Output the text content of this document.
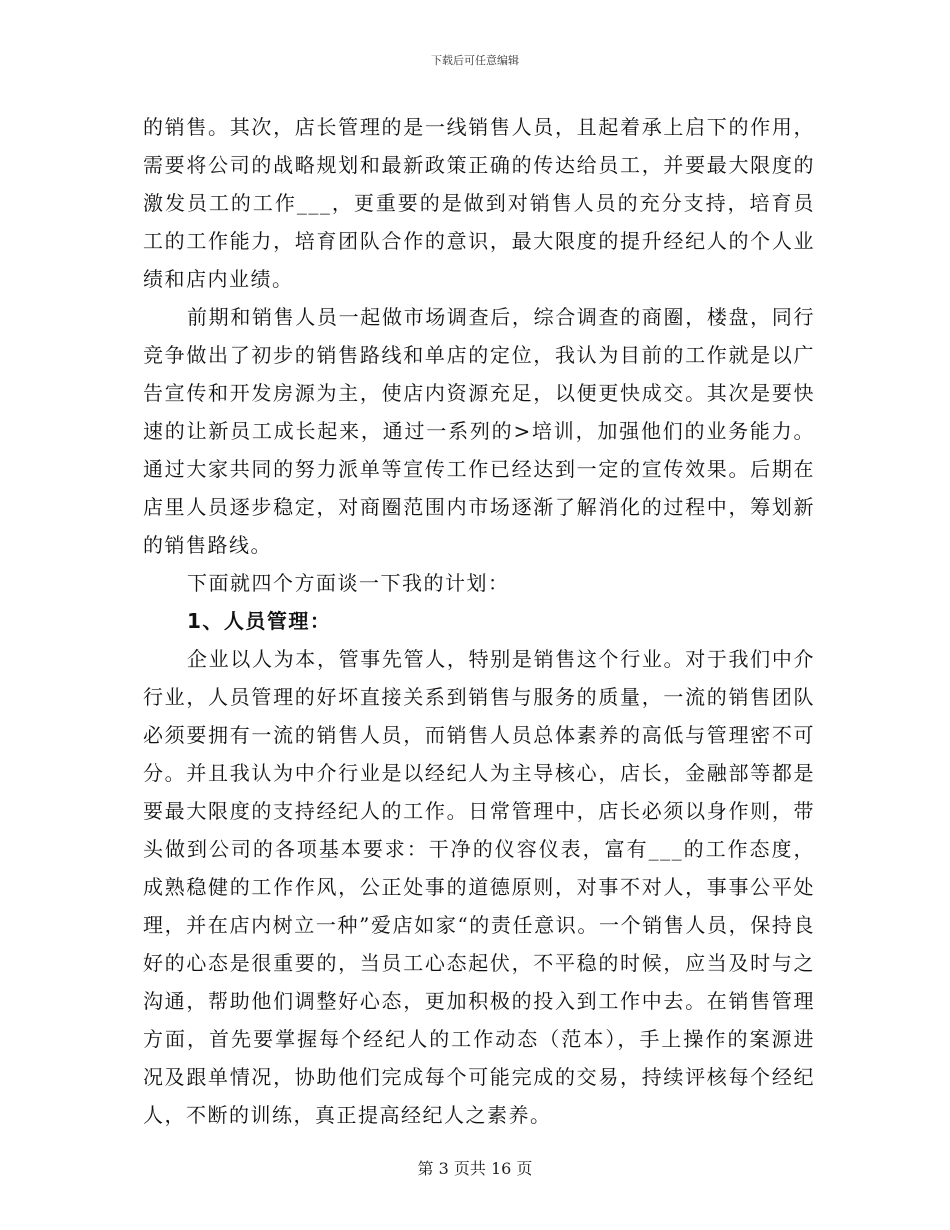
下载后可任意编辑

的销售。其次，店长管理的是一线销售人员，且起着承上启下的作用，需要将公司的战略规划和最新政策正确的传达给员工，并要最大限度的激发员工的工作___，更重要的是做到对销售人员的充分支持，培育员工的工作能力，培育团队合作的意识，最大限度的提升经纪人的个人业绩和店内业绩。

前期和销售人员一起做市场调查后，综合调查的商圈，楼盘，同行竞争做出了初步的销售路线和单店的定位，我认为目前的工作就是以广告宣传和开发房源为主，使店内资源充足，以便更快成交。其次是要快速的让新员工成长起来，通过一系列的>培训，加强他们的业务能力。通过大家共同的努力派单等宣传工作已经达到一定的宣传效果。后期在店里人员逐步稳定，对商圈范围内市场逐渐了解消化的过程中，筹划新的销售路线。

下面就四个方面谈一下我的计划：

1、人员管理：

企业以人为本，管事先管人，特别是销售这个行业。对于我们中介行业，人员管理的好坏直接关系到销售与服务的质量，一流的销售团队必须要拥有一流的销售人员，而销售人员总体素养的高低与管理密不可分。并且我认为中介行业是以经纪人为主导核心，店长，金融部等都是要最大限度的支持经纪人的工作。日常管理中，店长必须以身作则，带头做到公司的各项基本要求：干净的仪容仪表，富有___的工作态度，成熟稳健的工作作风，公正处事的道德原则，对事不对人，事事公平处理，并在店内树立一种”爱店如家“的责任意识。一个销售人员，保持良好的心态是很重要的，当员工心态起伏，不平稳的时候，应当及时与之沟通，帮助他们调整好心态，更加积极的投入到工作中去。在销售管理方面，首先要掌握每个经纪人的工作动态（范本），手上操作的案源进况及跟单情况，协助他们完成每个可能完成的交易，持续评核每个经纪人，不断的训练，真正提高经纪人之素养。

第 3 页共 16 页
